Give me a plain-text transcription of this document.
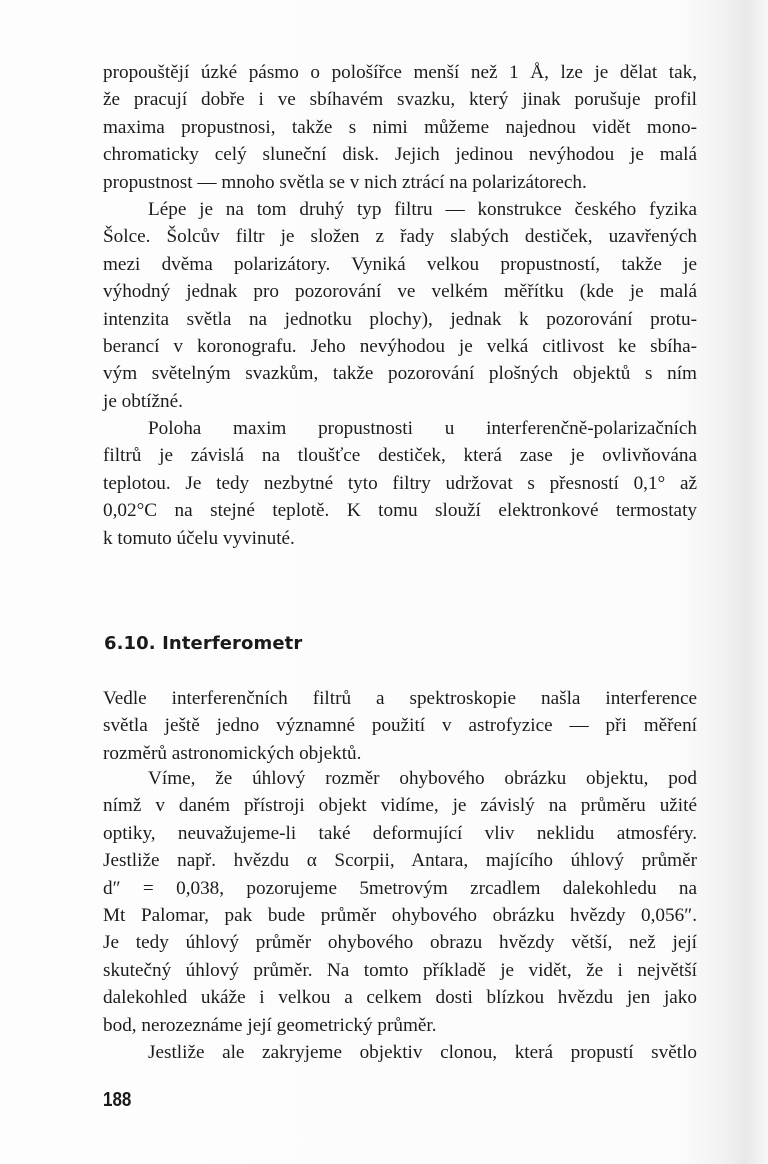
propouštějí úzké pásmo o pološířce menší než 1 Å, lze je dělat tak,
že pracují dobře i ve sbíhavém svazku, který jinak porušuje profil
maxima propustnosi, takže s nimi můžeme najednou vidět mono-
chromaticky celý sluneční disk. Jejich jedinou nevýhodou je malá
propustnost — mnoho světla se v nich ztrácí na polarizátorech.
Lépe je na tom druhý typ filtru — konstrukce českého fyzika
Šolce. Šolcův filtr je složen z řady slabých destiček, uzavřených
mezi dvěma polarizátory. Vyniká velkou propustností, takže je
výhodný jednak pro pozorování ve velkém měřítku (kde je malá
intenzita světla na jednotku plochy), jednak k pozorování protu-
berancí v koronografu. Jeho nevýhodou je velká citlivost ke sbíha-
vým světelným svazkům, takže pozorování plošných objektů s ním
je obtížné.
Poloha maxim propustnosti u interferenčně-polarizačních
filtrů je závislá na tloušťce destiček, která zase je ovlivňována
teplotou. Je tedy nezbytné tyto filtry udržovat s přesností 0,1° až
0,02°C na stejné teplotě. K tomu slouží elektronkové termostaty
k tomuto účelu vyvinuté.
6.10. Interferometr
Vedle interferenčních filtrů a spektroskopie našla interference
světla ještě jedno významné použití v astrofyzice — při měření
rozměrů astronomických objektů.
Víme, že úhlový rozměr ohybového obrázku objektu, pod
nímž v daném přístroji objekt vidíme, je závislý na průměru užité
optiky, neuvažujeme-li také deformující vliv neklidu atmosféry.
Jestliže např. hvězdu α Scorpii, Antara, majícího úhlový průměr
d″ = 0,038, pozorujeme 5metrovým zrcadlem dalekohledu na
Mt Palomar, pak bude průměr ohybového obrázku hvězdy 0,056″.
Je tedy úhlový průměr ohybového obrazu hvězdy větší, než její
skutečný úhlový průměr. Na tomto příkladě je vidět, že i největší
dalekohled ukáže i velkou a celkem dosti blízkou hvězdu jen jako
bod, nerozeznáme její geometrický průměr.
Jestliže ale zakryjeme objektiv clonou, která propustí světlo
188
